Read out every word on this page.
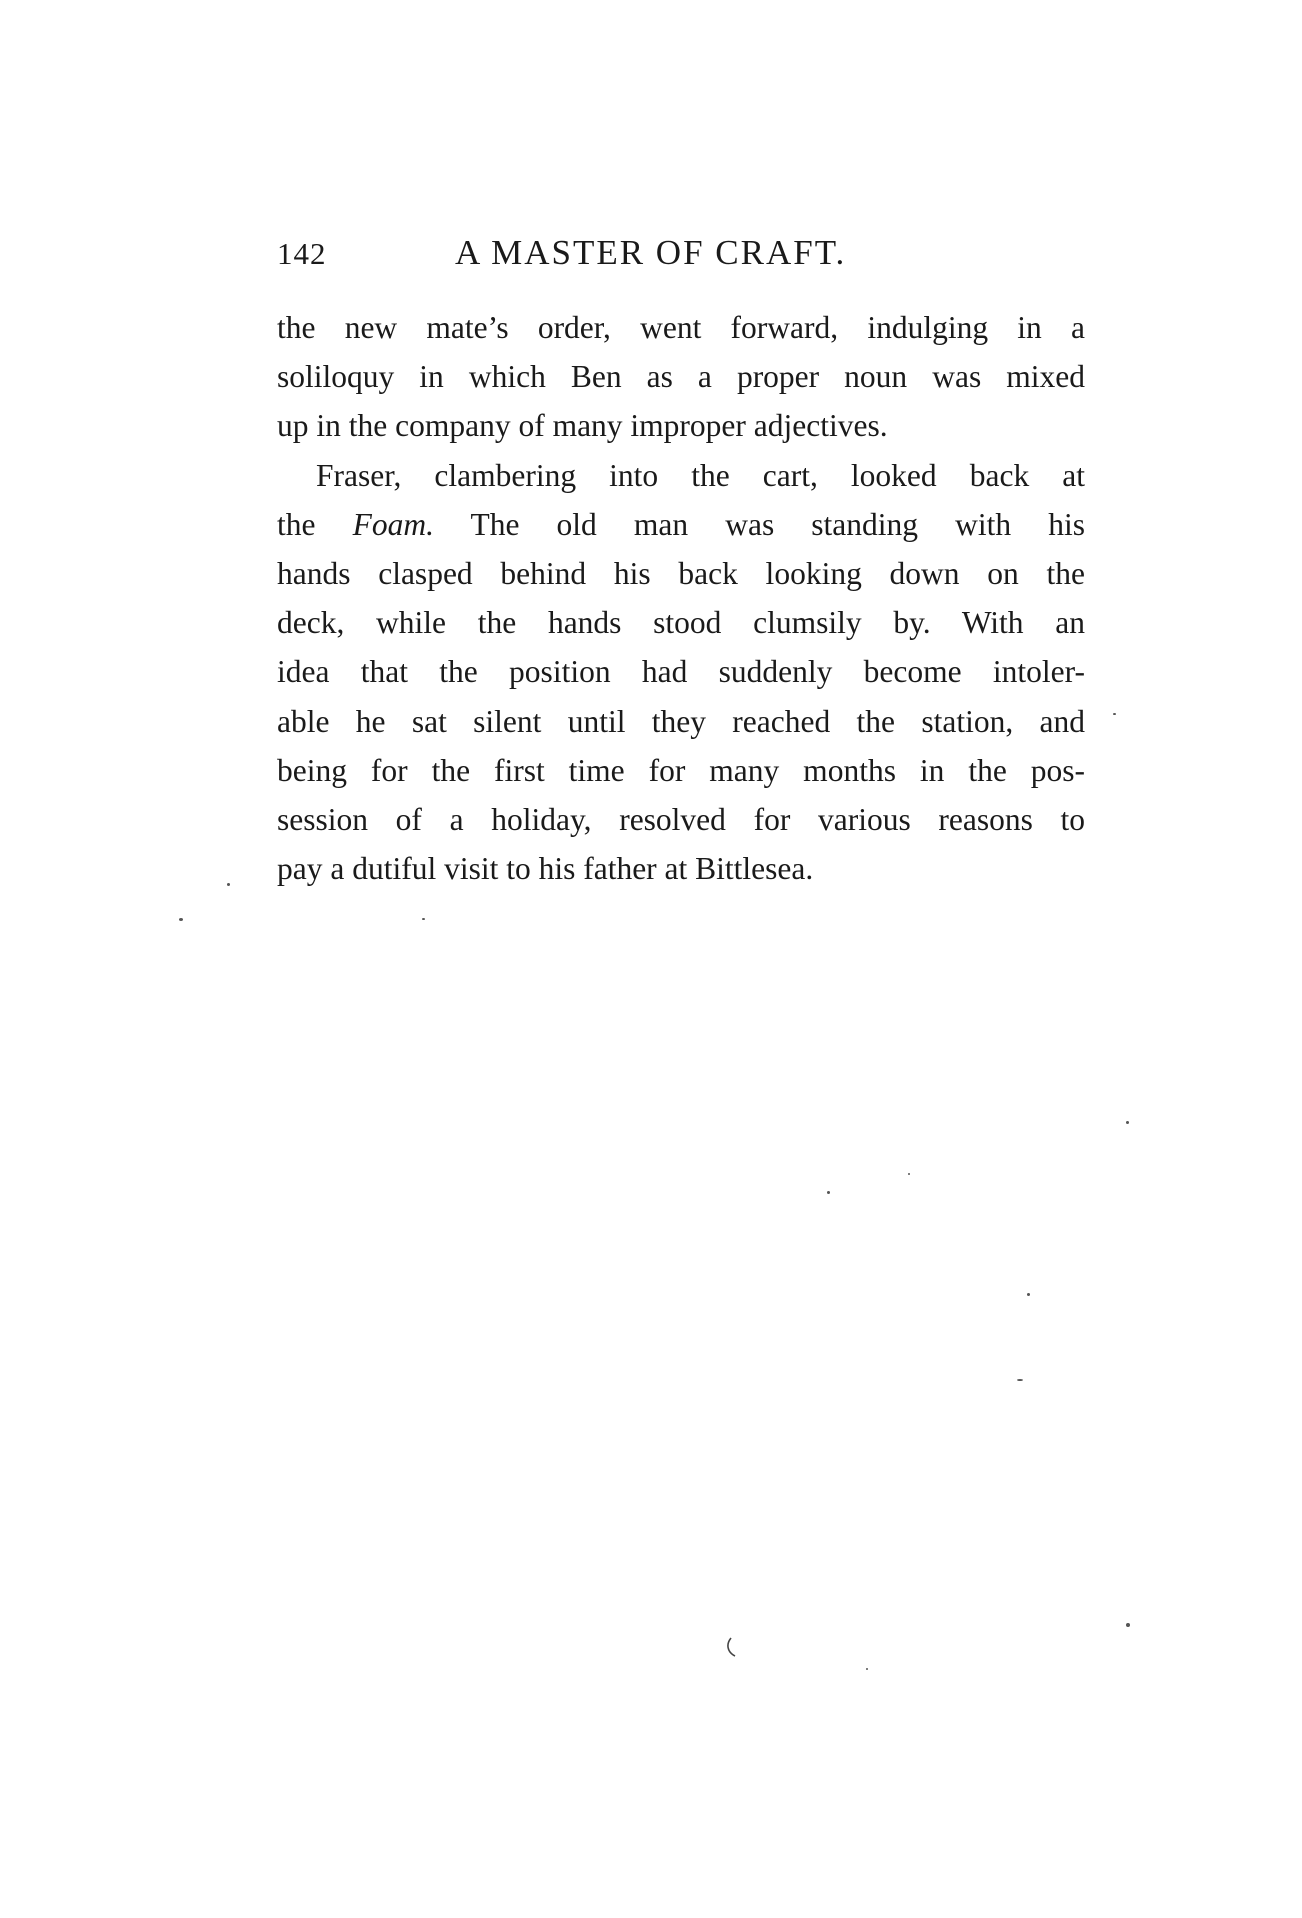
142	A MASTER OF CRAFT.
the new mate’s order, went forward, indulging in a
soliloquy in which Ben as a proper noun was mixed
up in the company of many improper adjectives.
Fraser, clambering into the cart, looked back at
the Foam. The old man was standing with his
hands clasped behind his back looking down on the
deck, while the hands stood clumsily by. With an
idea that the position had suddenly become intoler-
able he sat silent until they reached the station, and
being for the first time for many months in the pos-
session of a holiday, resolved for various reasons to
pay a dutiful visit to his father at Bittlesea.
